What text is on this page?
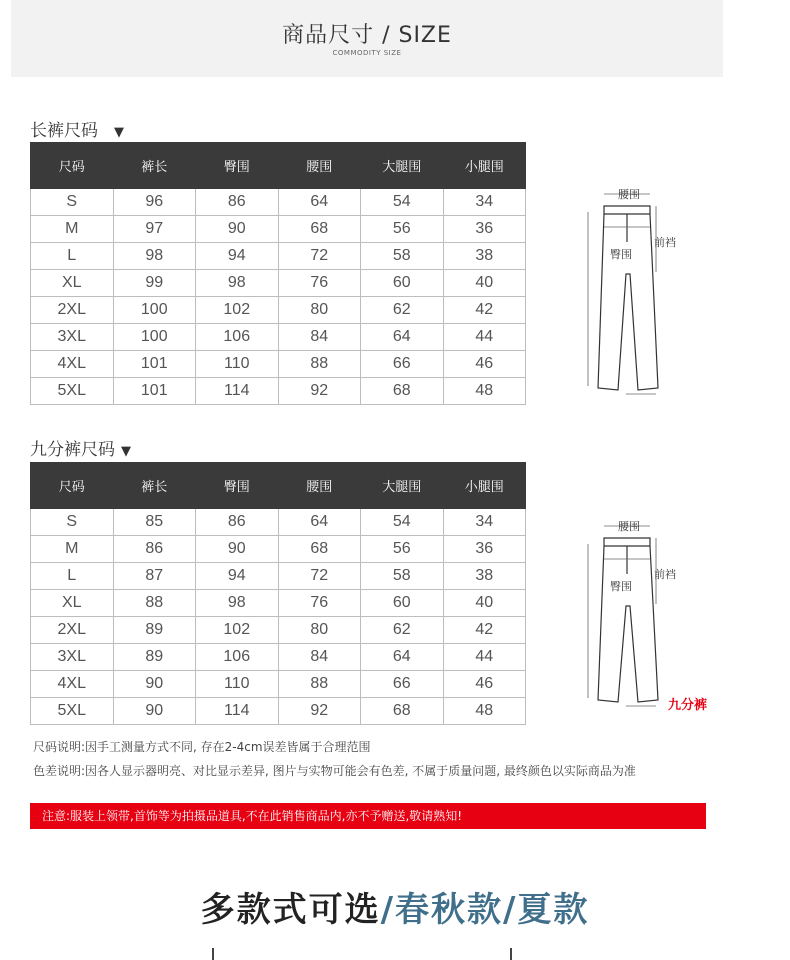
商品尺寸 / SIZE
COMMODITY SIZE
长裤尺码 ▼
尺码	裤长	臀围	腰围	大腿围	小腿围
S	96	86	64	54	34
M	97	90	68	56	36
L	98	94	72	58	38
XL	99	98	76	60	40
2XL	100	102	80	62	42
3XL	100	106	84	64	44
4XL	101	110	88	66	46
5XL	101	114	92	68	48
腰围
臀围
前裆
九分裤尺码 ▼
尺码	裤长	臀围	腰围	大腿围	小腿围
S	85	86	64	54	34
M	86	90	68	56	36
L	87	94	72	58	38
XL	88	98	76	60	40
2XL	89	102	80	62	42
3XL	89	106	84	64	44
4XL	90	110	88	66	46
5XL	90	114	92	68	48
腰围
臀围
前裆
九分裤
尺码说明:因手工测量方式不同, 存在2-4cm误差皆属于合理范围
色差说明:因各人显示器明亮、对比显示差异, 图片与实物可能会有色差, 不属于质量问题, 最终颜色以实际商品为准
注意:服装上领带,首饰等为拍摄品道具,不在此销售商品内,亦不予赠送,敬请熟知!
多款式可选/春秋款/夏款
